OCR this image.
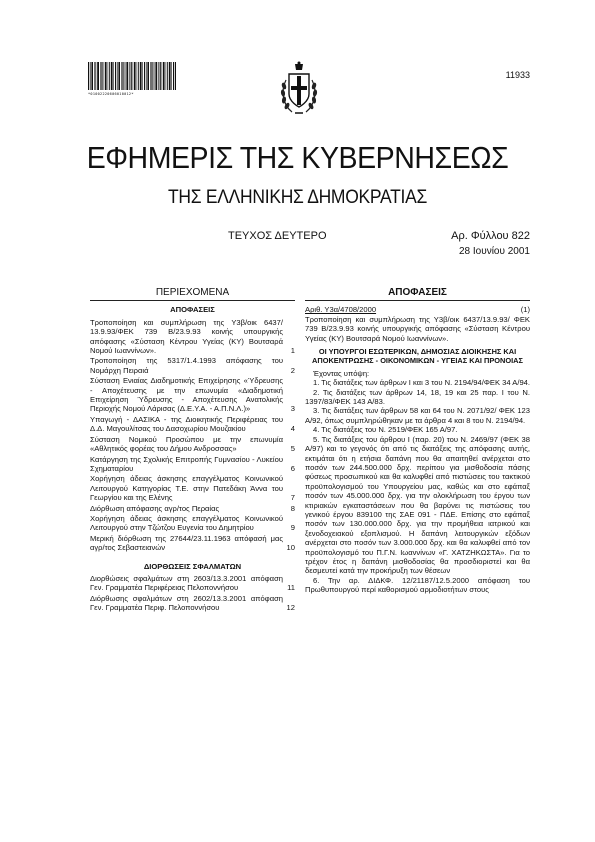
*01002220606010012*
11933
ΕΦΗΜΕΡΙΣ ΤΗΣ ΚΥΒΕΡΝΗΣΕΩΣ
ΤΗΣ ΕΛΛΗΝΙΚΗΣ ΔΗΜΟΚΡΑΤΙΑΣ
ΤΕΥΧΟΣ ΔΕΥΤΕΡΟ	Αρ. Φύλλου 822
28 Ιουνίου 2001
ΠΕΡΙΕΧΟΜΕΝΑ
ΑΠΟΦΑΣΕΙΣ
Τροποποίηση και συμπλήρωση της Υ3β/οικ 6437/ 13.9.93/ΦΕΚ 739 Β/23.9.93 κοινής υπουργικής απόφασης «Σύσταση Κέντρου Υγείας (ΚΥ) Βουτσαρά Νομού Ιωαννίνων».	1
Τροποποίηση της 5317/1.4.1993 απόφασης του Νομάρχη Πειραιά	2
Σύσταση Ενιαίας Διαδημοτικής Επιχείρησης «Ύδρευσης - Αποχέτευσης με την επωνυμία «Διαδημοτική Επιχείρηση Ύδρευσης - Αποχέτευσης Ανατολικής Περιοχής Νομού Λάρισας (Δ.Ε.Υ.Α. - Α.Π.Ν.Λ.)»	3
Υπαγωγή - ΔΑΣΙΚΑ - της Διοικητικής Περιφέρειας του Δ.Δ. Μαγουλίτσας του Δασοχωρίου Μουζακίου	4
Σύσταση Νομικού Προσώπου με την επωνυμία «Αθλητικός φορέας του Δήμου Ανδροσσας»	5
Κατάργηση της Σχολικής Επιτροπής Γυμνασίου - Λυκείου Σχηματαρίου	6
Χορήγηση άδειας άσκησης επαγγέλματος Κοινωνικού Λειτουργού Κατηγορίας Τ.Ε. στην Πατεδάκη Άννα του Γεωργίου και της Ελένης	7
Διόρθωση απόφασης αγρ/τος Περαίας	8
Χορήγηση άδειας άσκησης επαγγέλματος Κοινωνικού Λειτουργού στην Τζώτζου Ευγενία του Δημητρίου	9
Μερική διόρθωση της 27644/23.11.1963 απόφασή μας αγρ/τος Σεβαστειανών	10
ΔΙΟΡΘΩΣΕΙΣ ΣΦΑΛΜΑΤΩΝ
Διορθώσεις σφαλμάτων στη 2603/13.3.2001 απόφαση Γεν. Γραμματέα Περιφέρειας Πελοποννήσου	11
Διόρθωσης σφαλμάτων στη 2602/13.3.2001 απόφαση Γεν. Γραμματέα Περιφ. Πελοποννήσου	12
ΑΠΟΦΑΣΕΙΣ
Αριθ. Υ3α/4708/2000	(1)
Τροποποίηση και συμπλήρωση της Υ3β/οικ 6437/13.9.93/ ΦΕΚ 739 Β/23.9.93 κοινής υπουργικής απόφασης «Σύσταση Κέντρου Υγείας (ΚΥ) Βουτσαρά Νομού Ιωαννίνων».
ΟΙ ΥΠΟΥΡΓΟΙ ΕΣΩΤΕΡΙΚΩΝ, ΔΗΜΟΣΙΑΣ ΔΙΟΙΚΗΣΗΣ ΚΑΙ ΑΠΟΚΕΝΤΡΩΣΗΣ - ΟΙΚΟΝΟΜΙΚΩΝ - ΥΓΕΙΑΣ ΚΑΙ ΠΡΟΝΟΙΑΣ
Έχοντας υπόψη:
1. Τις διατάξεις των άρθρων Ι και 3 του Ν. 2194/94/ΦΕΚ 34 Α/94.
2. Τις διατάξεις των άρθρων 14, 18, 19 και 25 παρ. Ι του Ν. 1397/83/ΦΕΚ 143 Α/83.
3. Τις διατάξεις των άρθρων 58 και 64 του Ν. 2071/92/ ΦΕΚ 123 Α/92, όπως συμπληρώθηκαν με τα άρθρα 4 και 8 του Ν. 2194/94.
4. Τις διατάξεις του Ν. 2519/ΦΕΚ 165 Α/97.
5. Τις διατάξεις του άρθρου Ι (παρ. 20) του Ν. 2469/97 (ΦΕΚ 38 Α/97) και το γεγονός ότι από τις διατάξεις της απόφασης αυτής, εκτιμάται ότι η ετήσια δαπάνη που θα απαιτηθεί ανέρχεται στο ποσόν των 244.500.000 δρχ. περίπου για μισθοδοσία πάσης φύσεως προσωπικού και θα καλυφθεί από πιστώσεις του τακτικού προϋπολογισμού του Υπουργείου μας, καθώς και στο εφάπαξ ποσόν των 45.000.000 δρχ. για την ολοκλήρωση του έργου των κτιριακών εγκαταστάσεων που θα βαρύνει τις πιστώσεις του γενικού έργου 839100 της ΣΑΕ 091 - ΠΔΕ. Επίσης στο εφάπαξ ποσόν των 130.000.000 δρχ. για την προμήθεια ιατρικού και ξενοδοχειακού εξοπλισμού. Η δαπάνη λειτουργικών εξόδων ανέρχεται στο ποσόν των 3.000.000 δρχ. και θα καλυφθεί από τον προϋπολογισμό του Π.Γ.Ν. Ιωαννίνων «Γ. ΧΑΤΖΗΚΩΣΤΑ». Για το τρέχον έτος η δαπάνη μισθοδοσίας θα προσδιοριστεί και θα δεσμευτεί κατά την προκήρυξη των θέσεων
6. Την αρ. ΔΙΔΚΦ. 12/21187/12.5.2000 απόφαση του Πρωθυπουργού περί καθορισμού αρμοδιοτήτων στους
